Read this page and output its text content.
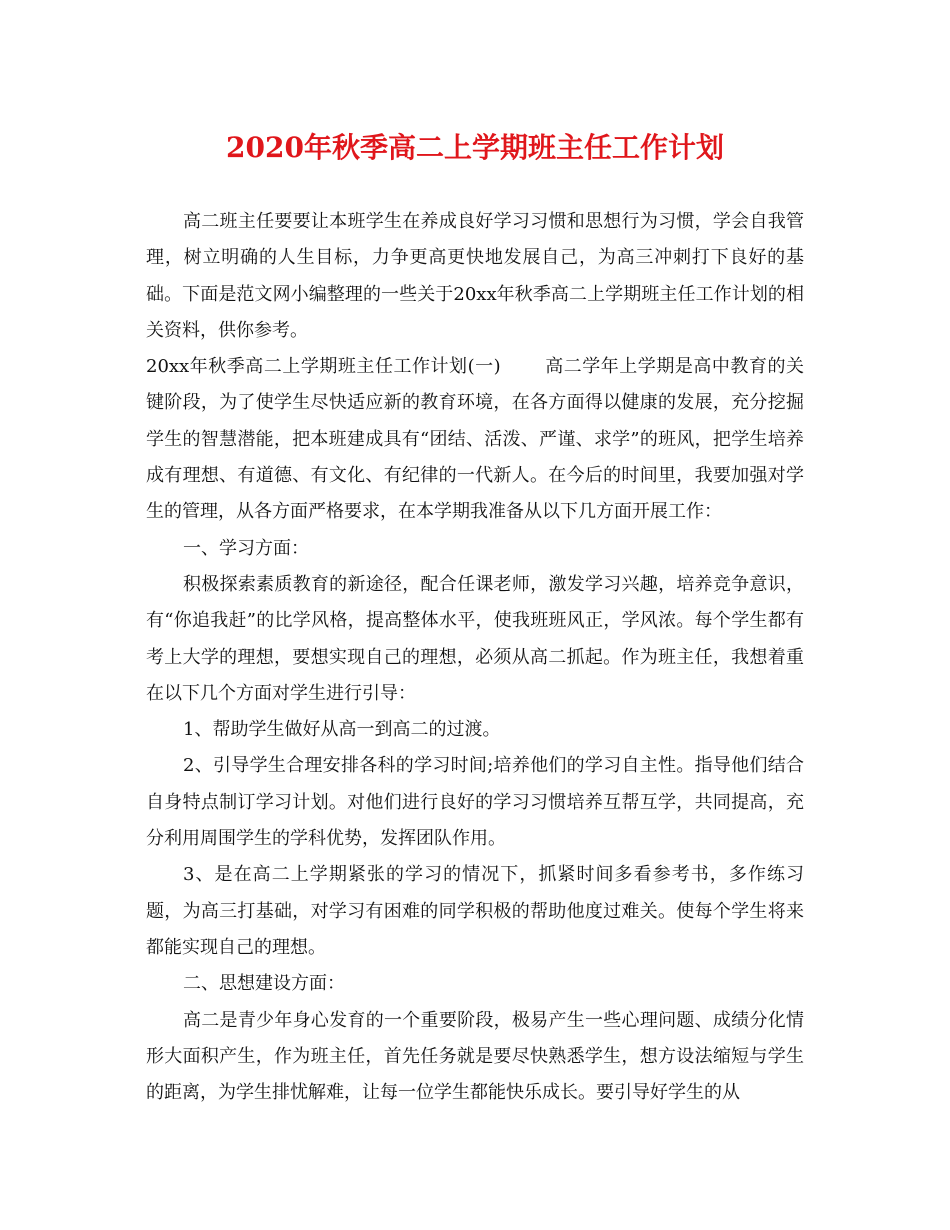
2020年秋季高二上学期班主任工作计划

高二班主任要要让本班学生在养成良好学习习惯和思想行为习惯，学会自我管理，树立明确的人生目标，力争更高更快地发展自己，为高三冲刺打下良好的基础。下面是范文网小编整理的一些关于20xx年秋季高二上学期班主任工作计划的相关资料，供你参考。

20xx年秋季高二上学期班主任工作计划(一) 高二学年上学期是高中教育的关键阶段，为了使学生尽快适应新的教育环境，在各方面得以健康的发展，充分挖掘学生的智慧潜能，把本班建成具有“团结、活泼、严谨、求学”的班风，把学生培养成有理想、有道德、有文化、有纪律的一代新人。在今后的时间里，我要加强对学生的管理，从各方面严格要求，在本学期我准备从以下几方面开展工作：

一、学习方面：

积极探索素质教育的新途径，配合任课老师，激发学习兴趣，培养竞争意识，有“你追我赶”的比学风格，提高整体水平，使我班班风正，学风浓。每个学生都有考上大学的理想，要想实现自己的理想，必须从高二抓起。作为班主任，我想着重在以下几个方面对学生进行引导：

1、帮助学生做好从高一到高二的过渡。

2、引导学生合理安排各科的学习时间;培养他们的学习自主性。指导他们结合自身特点制订学习计划。对他们进行良好的学习习惯培养互帮互学，共同提高，充分利用周围学生的学科优势，发挥团队作用。

3、是在高二上学期紧张的学习的情况下，抓紧时间多看参考书，多作练习题，为高三打基础，对学习有困难的同学积极的帮助他度过难关。使每个学生将来都能实现自己的理想。

二、思想建设方面：

高二是青少年身心发育的一个重要阶段，极易产生一些心理问题、成绩分化情形大面积产生，作为班主任，首先任务就是要尽快熟悉学生，想方设法缩短与学生的距离，为学生排忧解难，让每一位学生都能快乐成长。要引导好学生的从
